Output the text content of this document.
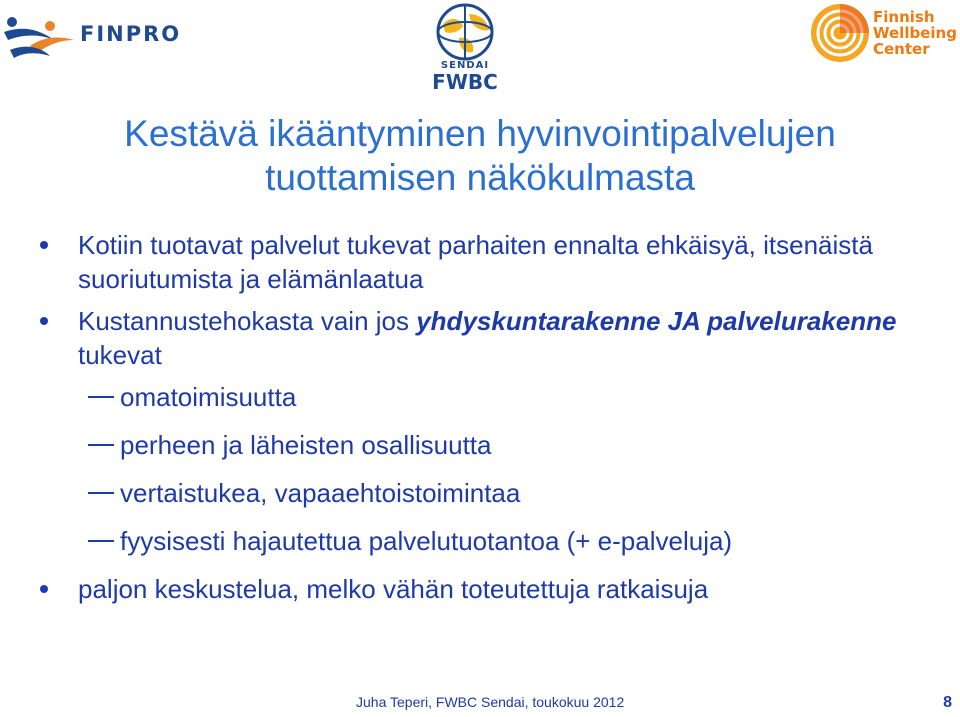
FINPRO
SENDAI
FWBC
Finnish
Wellbeing
Center
Kestävä ikääntyminen hyvinvointipalvelujen
tuottamisen näkökulmasta
Kotiin tuotavat palvelut tukevat parhaiten ennalta ehkäisyä, itsenäistä suoriutumista ja elämänlaatua
Kustannustehokasta vain jos yhdyskuntarakenne JA palvelurakenne tukevat
omatoimisuutta
perheen ja läheisten osallisuutta
vertaistukea, vapaaehtoistoimintaa
fyysisesti hajautettua palvelutuotantoa (+ e-palveluja)
paljon keskustelua, melko vähän toteutettuja ratkaisuja
Juha Teperi, FWBC Sendai, toukokuu 2012	8
